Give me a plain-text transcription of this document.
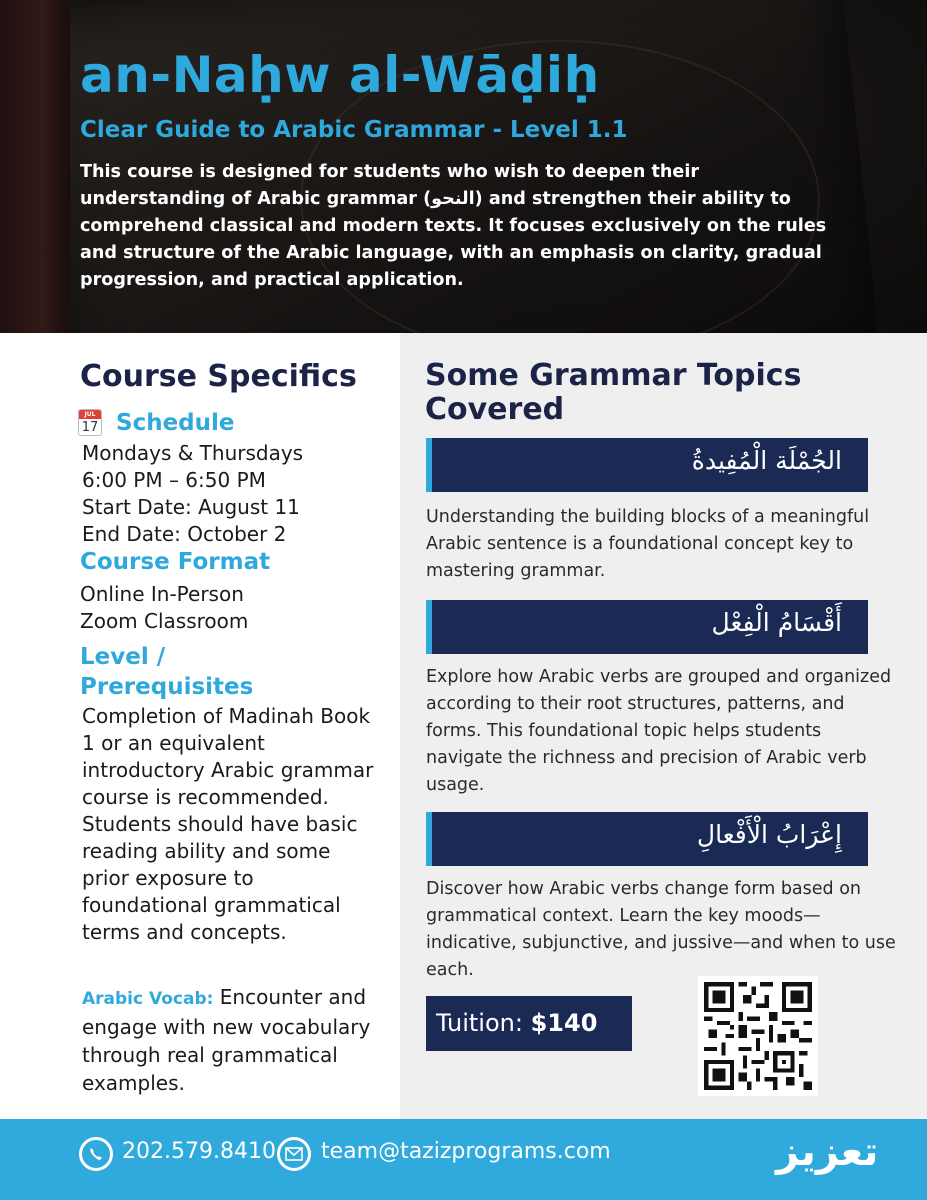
an-Naḥw al-Wāḍiḥ
Clear Guide to Arabic Grammar - Level 1.1
This course is designed for students who wish to deepen their understanding of Arabic grammar (النحو) and strengthen their ability to comprehend classical and modern texts. It focuses exclusively on the rules and structure of the Arabic language, with an emphasis on clarity, gradual progression, and practical application.
Course Specifics
JUL
17 Schedule
Mondays & Thursdays
6:00 PM – 6:50 PM
Start Date: August 11
End Date: October 2
Course Format
Online In-Person
Zoom Classroom
Level / Prerequisites
Completion of Madinah Book 1 or an equivalent introductory Arabic grammar course is recommended. Students should have basic reading ability and some prior exposure to foundational grammatical terms and concepts.
Arabic Vocab: Encounter and engage with new vocabulary through real grammatical examples.
Some Grammar Topics Covered
الجُمْلَة الْمُفِيدةُ
Understanding the building blocks of a meaningful Arabic sentence is a foundational concept key to mastering grammar.
أَقْسَامُ الْفِعْل
Explore how Arabic verbs are grouped and organized according to their root structures, patterns, and forms. This foundational topic helps students navigate the richness and precision of Arabic verb usage.
إِعْرَابُ الْأَفْعالِ
Discover how Arabic verbs change form based on grammatical context. Learn the key moods—indicative, subjunctive, and jussive—and when to use each.
Tuition: $140
202.579.8410 team@tazizprograms.com	تعزيز
